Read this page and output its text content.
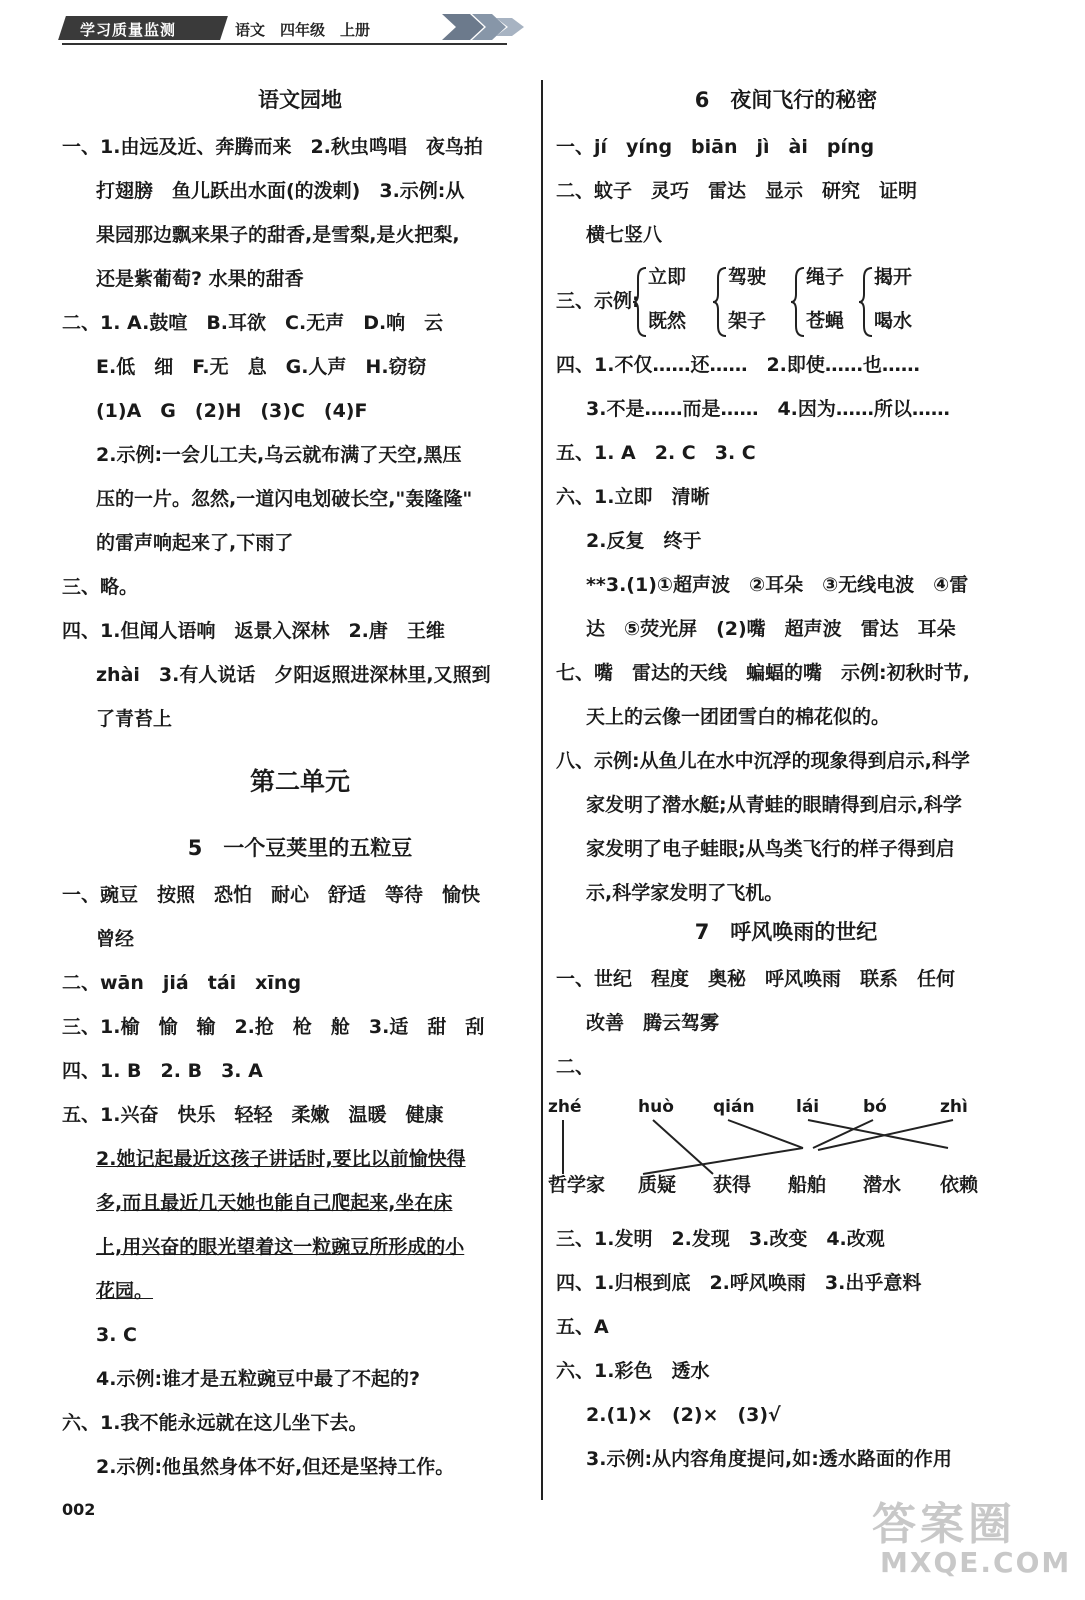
学习质量监测	语文　四年级　上册
语文园地
一、1.由远及近、奔腾而来　2.秋虫鸣唱　夜鸟拍
打翅膀　鱼儿跃出水面(的泼剌)　3.示例:从
果园那边飘来果子的甜香,是雪梨,是火把梨,
还是紫葡萄? 水果的甜香
二、1. A.鼓喧　B.耳欲　C.无声　D.响　云
E.低　细　F.无　息　G.人声　H.窃窃
(1)A　G　(2)H　(3)C　(4)F
2.示例:一会儿工夫,乌云就布满了天空,黑压
压的一片。忽然,一道闪电划破长空,"轰隆隆"
的雷声响起来了,下雨了
三、略。
四、1.但闻人语响　返景入深林　2.唐　王维
zhài　3.有人说话　夕阳返照进深林里,又照到
了青苔上
第二单元
5　一个豆荚里的五粒豆
一、豌豆　按照　恐怕　耐心　舒适　等待　愉快
曾经
二、wān　jiá　tái　xīng
三、1.榆　愉　输　2.抢　枪　舱　3.适　甜　刮
四、1. B　2. B　3. A
五、1.兴奋　快乐　轻轻　柔嫩　温暖　健康
2.她记起最近这孩子讲话时,要比以前愉快得
多,而且最近几天她也能自己爬起来,坐在床
上,用兴奋的眼光望着这一粒豌豆所形成的小
花园。
3. C
4.示例:谁才是五粒豌豆中最了不起的?
六、1.我不能永远就在这儿坐下去。
2.示例:他虽然身体不好,但还是坚持工作。
6　夜间飞行的秘密
一、jí　yíng　biān　jì　ài　píng
二、蚊子　灵巧　雷达　显示　研究　证明
横七竖八
三、示例:
立即
既然
驾驶
架子
绳子
苍蝇
揭开
喝水
四、1.不仅……还……　2.即使……也……
3.不是……而是……　4.因为……所以……
五、1. A　2. C　3. C
六、1.立即　清晰
2.反复　终于
**3.(1)①超声波　②耳朵　③无线电波　④雷
达　⑤荧光屏　(2)嘴　超声波　雷达　耳朵
七、嘴　雷达的天线　蝙蝠的嘴　示例:初秋时节,
天上的云像一团团雪白的棉花似的。
八、示例:从鱼儿在水中沉浮的现象得到启示,科学
家发明了潜水艇;从青蛙的眼睛得到启示,科学
家发明了电子蛙眼;从鸟类飞行的样子得到启
示,科学家发明了飞机。
7　呼风唤雨的世纪
一、世纪　程度　奥秘　呼风唤雨　联系　任何
改善　腾云驾雾
二、
zhé	huò qián lái	bó	zhì
哲学家 质疑 获得 船舶 潜水 依赖
三、1.发明　2.发现　3.改变　4.改观
四、1.归根到底　2.呼风唤雨　3.出乎意料
五、A
六、1.彩色　透水
2.(1)×　(2)×　(3)√
3.示例:从内容角度提问,如:透水路面的作用
002	答案圈
MXQE.COM
